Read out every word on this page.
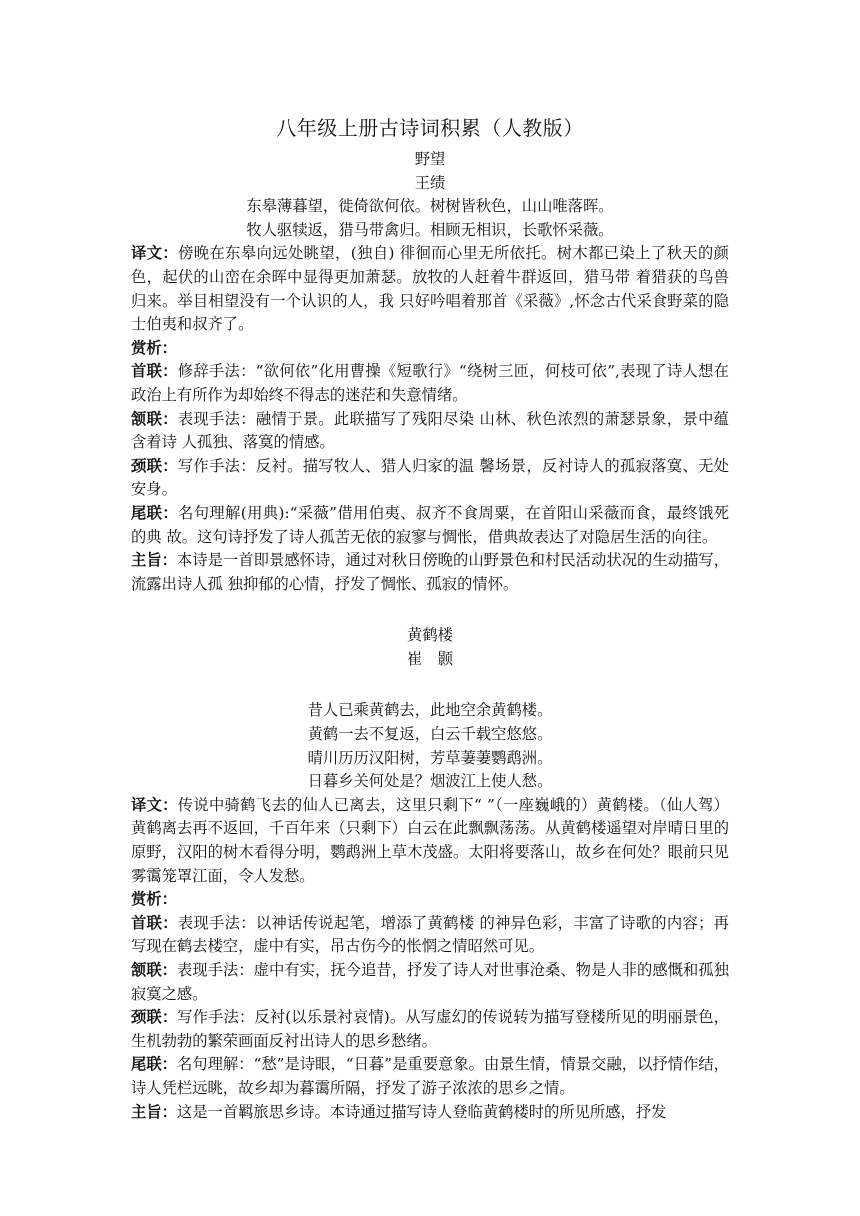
八年级上册古诗词积累（人教版）

野望

王绩

东皋薄暮望，徙倚欲何依。树树皆秋色，山山唯落晖。

牧人驱犊返，猎马带禽归。相顾无相识，长歌怀采薇。

译文：傍晚在东皋向远处眺望，(独自) 徘徊而心里无所依托。树木都已染上了秋天的颜色，起伏的山峦在余晖中显得更加萧瑟。放牧的人赶着牛群返回，猎马带 着猎获的鸟兽归来。举目相望没有一个认识的人，我 只好吟唱着那首《采薇》,怀念古代采食野菜的隐士伯夷和叔齐了。

赏析：

首联：修辞手法：“欲何依”化用曹操《短歌行》“绕树三匝，何枝可依”,表现了诗人想在政治上有所作为却始终不得志的迷茫和失意情绪。

颔联：表现手法：融情于景。此联描写了残阳尽染 山林、秋色浓烈的萧瑟景象，景中蕴含着诗 人孤独、落寞的情感。

颈联：写作手法：反衬。描写牧人、猎人归家的温 馨场景，反衬诗人的孤寂落寞、无处安身。

尾联：名句理解(用典):“采薇”借用伯夷、叔齐不食周粟，在首阳山采薇而食，最终饿死的典 故。这句诗抒发了诗人孤苦无依的寂寥与惆怅，借典故表达了对隐居生活的向往。

主旨：本诗是一首即景感怀诗，通过对秋日傍晚的山野景色和村民活动状况的生动描写，流露出诗人孤 独抑郁的心情，抒发了惆怅、孤寂的情怀。

黄鹤楼

崔　颢

昔人已乘黄鹤去，此地空余黄鹤楼。

黄鹤一去不复返，白云千载空悠悠。

晴川历历汉阳树，芳草萋萋鹦鹉洲。

日暮乡关何处是？烟波江上使人愁。

译文：传说中骑鹤飞去的仙人已离去，这里只剩下“ ”（一座巍峨的）黄鹤楼。（仙人驾）黄鹤离去再不返回，千百年来（只剩下）白云在此飘飘荡荡。从黄鹤楼遥望对岸晴日里的原野，汉阳的树木看得分明，鹦鹉洲上草木茂盛。太阳将要落山，故乡在何处？眼前只见雾霭笼罩江面，令人发愁。

赏析：

首联：表现手法：以神话传说起笔，增添了黄鹤楼 的神异色彩，丰富了诗歌的内容；再写现在鹤去楼空，虚中有实，吊古伤今的怅惘之情昭然可见。

颔联：表现手法：虚中有实，抚今追昔，抒发了诗人对世事沧桑、物是人非的感慨和孤独寂寞之感。

颈联：写作手法：反衬(以乐景衬哀情)。从写虚幻的传说转为描写登楼所见的明丽景色，生机勃勃的繁荣画面反衬出诗人的思乡愁绪。

尾联：名句理解：“愁”是诗眼，“日暮”是重要意象。由景生情，情景交融，以抒情作结，诗人凭栏远眺，故乡却为暮霭所隔，抒发了游子浓浓的思乡之情。

主旨：这是一首羁旅思乡诗。本诗通过描写诗人登临黄鹤楼时的所见所感，抒发
